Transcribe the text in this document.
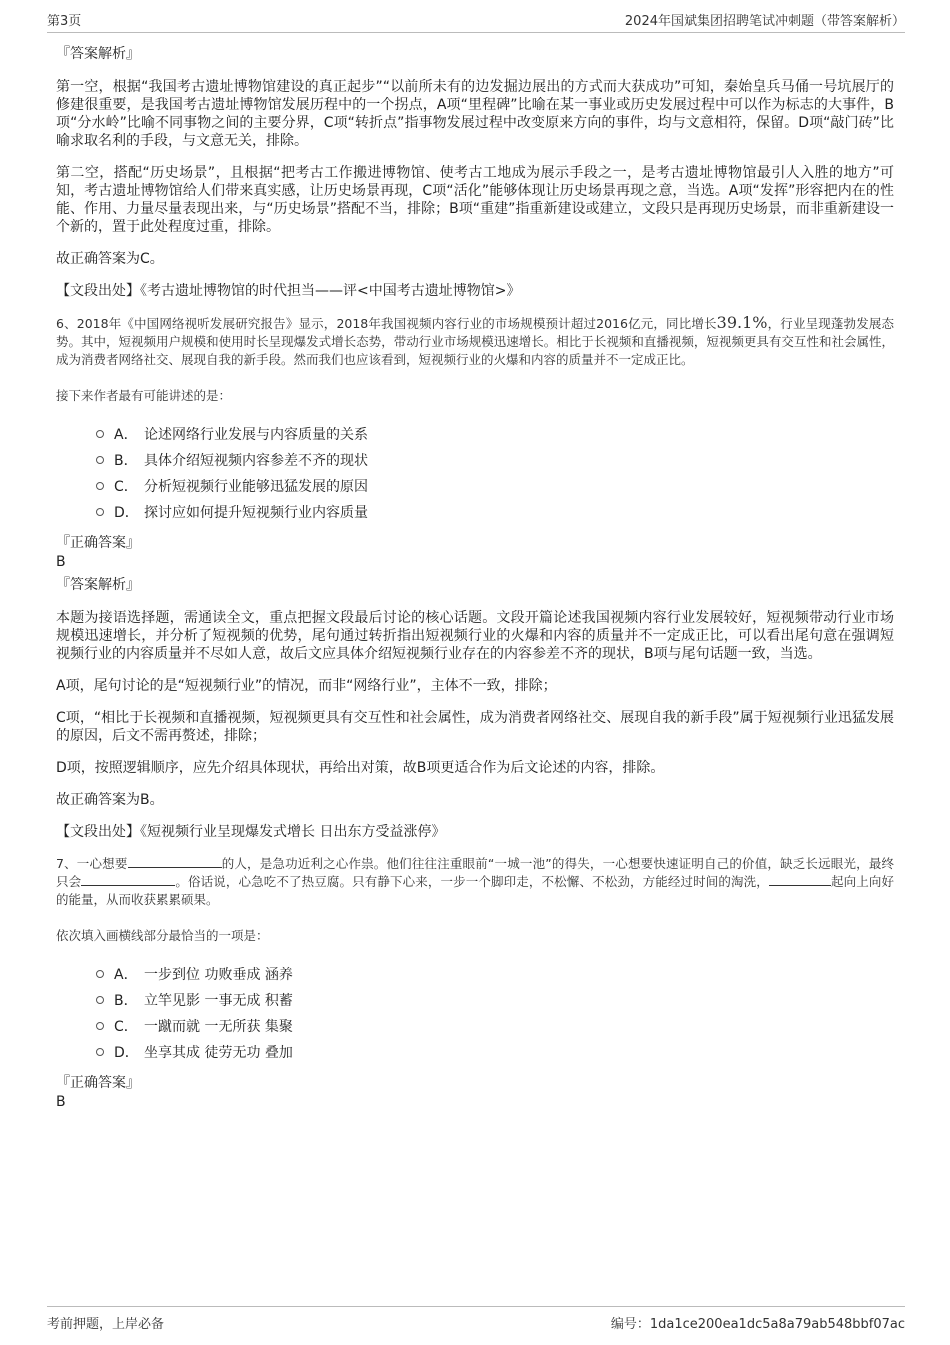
第3页	2024年国斌集团招聘笔试冲刺题（带答案解析）

『答案解析』

第一空，根据“我国考古遗址博物馆建设的真正起步”“以前所未有的边发掘边展出的方式而大获成功”可知，秦始皇兵马俑一号坑展厅的修建很重要，是我国考古遗址博物馆发展历程中的一个拐点，A项“里程碑”比喻在某一事业或历史发展过程中可以作为标志的大事件，B项“分水岭”比喻不同事物之间的主要分界，C项“转折点”指事物发展过程中改变原来方向的事件，均与文意相符，保留。D项“敲门砖”比喻求取名利的手段，与文意无关，排除。

第二空，搭配“历史场景”，且根据“把考古工作搬进博物馆、使考古工地成为展示手段之一，是考古遗址博物馆最引人入胜的地方”可知，考古遗址博物馆给人们带来真实感，让历史场景再现，C项“活化”能够体现让历史场景再现之意，当选。A项“发挥”形容把内在的性能、作用、力量尽量表现出来，与“历史场景”搭配不当，排除；B项“重建”指重新建设或建立，文段只是再现历史场景，而非重新建设一个新的，置于此处程度过重，排除。

故正确答案为C。

【文段出处】《考古遗址博物馆的时代担当——评<中国考古遗址博物馆>》

6、2018年《中国网络视听发展研究报告》显示，2018年我国视频内容行业的市场规模预计超过2016亿元，同比增长39.1%，行业呈现蓬勃发展态势。其中，短视频用户规模和使用时长呈现爆发式增长态势，带动行业市场规模迅速增长。相比于长视频和直播视频，短视频更具有交互性和社会属性，成为消费者网络社交、展现自我的新手段。然而我们也应该看到，短视频行业的火爆和内容的质量并不一定成正比。

接下来作者最有可能讲述的是：

A． 论述网络行业发展与内容质量的关系
B． 具体介绍短视频内容参差不齐的现状
C． 分析短视频行业能够迅猛发展的原因
D． 探讨应如何提升短视频行业内容质量

『正确答案』

B

『答案解析』

本题为接语选择题，需通读全文，重点把握文段最后讨论的核心话题。文段开篇论述我国视频内容行业发展较好，短视频带动行业市场规模迅速增长，并分析了短视频的优势，尾句通过转折指出短视频行业的火爆和内容的质量并不一定成正比，可以看出尾句意在强调短视频行业的内容质量并不尽如人意，故后文应具体介绍短视频行业存在的内容参差不齐的现状，B项与尾句话题一致，当选。

A项，尾句讨论的是“短视频行业”的情况，而非“网络行业”，主体不一致，排除；

C项，“相比于长视频和直播视频，短视频更具有交互性和社会属性，成为消费者网络社交、展现自我的新手段”属于短视频行业迅猛发展的原因，后文不需再赘述，排除；

D项，按照逻辑顺序，应先介绍具体现状，再给出对策，故B项更适合作为后文论述的内容，排除。

故正确答案为B。

【文段出处】《短视频行业呈现爆发式增长 日出东方受益涨停》

7、一心想要	的人，是急功近利之心作祟。他们往往注重眼前“一城一池”的得失，一心想要快速证明自己的价值，缺乏长远眼光，最终只会	。俗话说，心急吃不了热豆腐。只有静下心来，一步一个脚印走，不松懈、不松劲，方能经过时间的淘洗，	起向上向好的能量，从而收获累累硕果。

依次填入画横线部分最恰当的一项是：

A． 一步到位 功败垂成 涵养
B． 立竿见影 一事无成 积蓄
C． 一蹴而就 一无所获 集聚
D． 坐享其成 徒劳无功 叠加

『正确答案』

B

考前押题，上岸必备	编号：1da1ce200ea1dc5a8a79ab548bbf07ac
